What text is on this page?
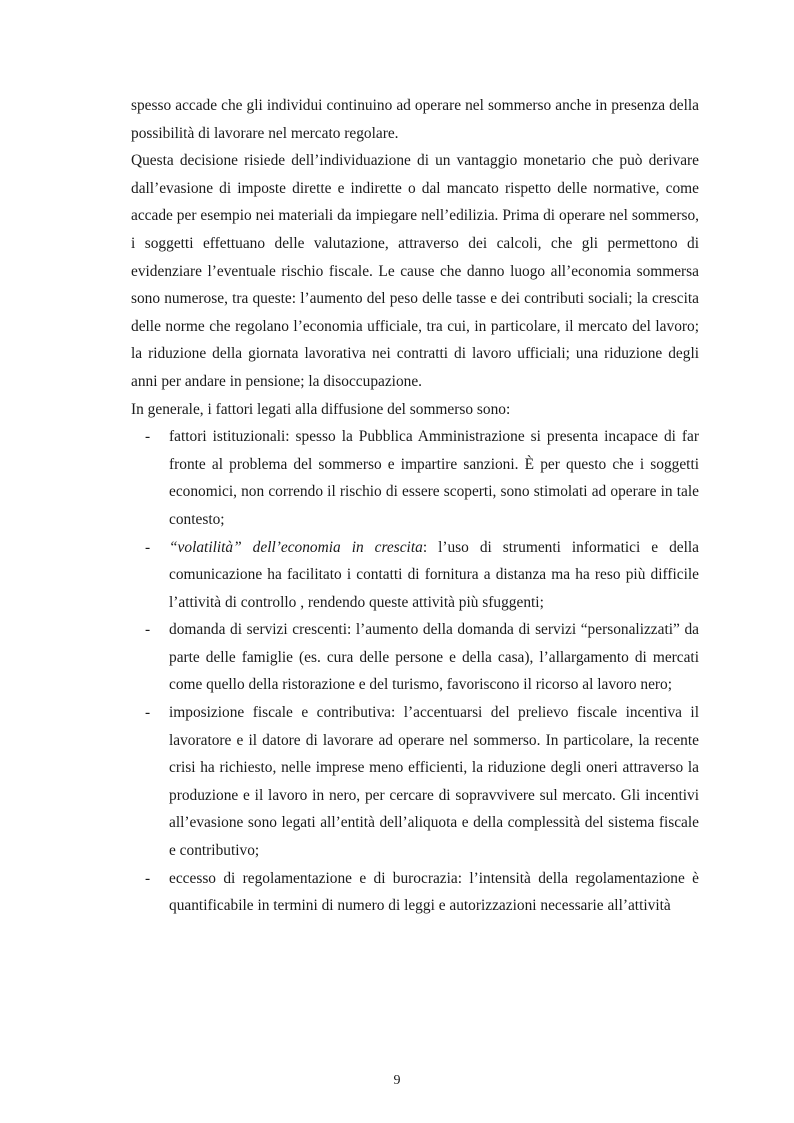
spesso accade che gli individui continuino ad operare nel sommerso anche in presenza della possibilità di lavorare nel mercato regolare.

Questa decisione risiede dell’individuazione di un vantaggio monetario che può derivare dall’evasione di imposte dirette e indirette o dal mancato rispetto delle normative, come accade per esempio nei materiali da impiegare nell’edilizia. Prima di operare nel sommerso, i soggetti effettuano delle valutazione, attraverso dei calcoli, che gli permettono di evidenziare l’eventuale rischio fiscale. Le cause che danno luogo all’economia sommersa sono numerose, tra queste: l’aumento del peso delle tasse e dei contributi sociali; la crescita delle norme che regolano l’economia ufficiale, tra cui, in particolare, il mercato del lavoro; la riduzione della giornata lavorativa nei contratti di lavoro ufficiali; una riduzione degli anni per andare in pensione; la disoccupazione.

In generale, i fattori legati alla diffusione del sommerso sono:

- fattori istituzionali: spesso la Pubblica Amministrazione si presenta incapace di far fronte al problema del sommerso e impartire sanzioni. È per questo che i soggetti economici, non correndo il rischio di essere scoperti, sono stimolati ad operare in tale contesto;
- “volatilità” dell’economia in crescita: l’uso di strumenti informatici e della comunicazione ha facilitato i contatti di fornitura a distanza ma ha reso più difficile l’attività di controllo , rendendo queste attività più sfuggenti;
- domanda di servizi crescenti: l’aumento della domanda di servizi “personalizzati” da parte delle famiglie (es. cura delle persone e della casa), l’allargamento di mercati come quello della ristorazione e del turismo, favoriscono il ricorso al lavoro nero;
- imposizione fiscale e contributiva: l’accentuarsi del prelievo fiscale incentiva il lavoratore e il datore di lavorare ad operare nel sommerso. In particolare, la recente crisi ha richiesto, nelle imprese meno efficienti, la riduzione degli oneri attraverso la produzione e il lavoro in nero, per cercare di sopravvivere sul mercato. Gli incentivi all’evasione sono legati all’entità dell’aliquota e della complessità del sistema fiscale e contributivo;
- eccesso di regolamentazione e di burocrazia: l’intensità della regolamentazione è quantificabile in termini di numero di leggi e autorizzazioni necessarie all’attività
9
